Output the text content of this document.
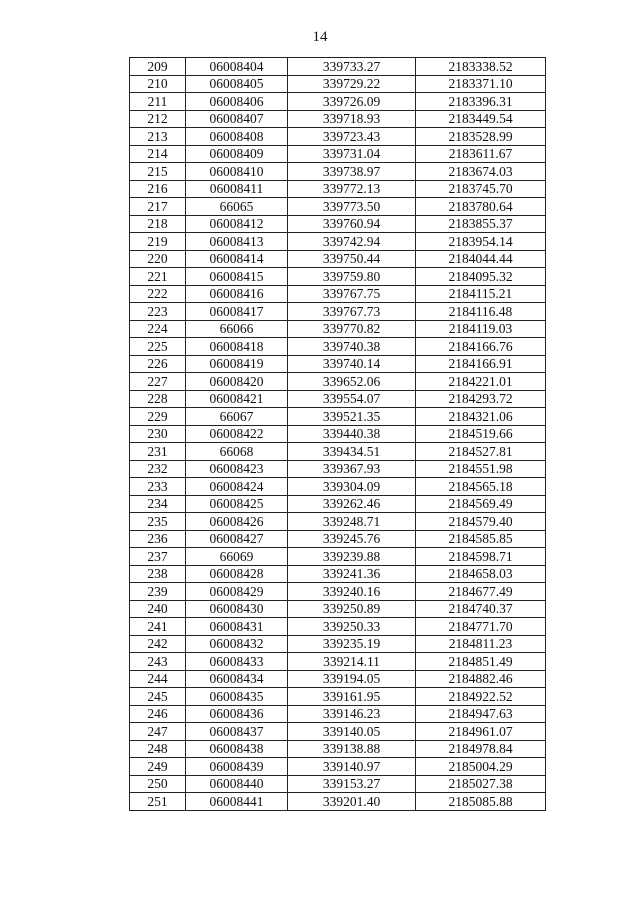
14
209	06008404	339733.27	2183338.52
210	06008405	339729.22	2183371.10
211	06008406	339726.09	2183396.31
212	06008407	339718.93	2183449.54
213	06008408	339723.43	2183528.99
214	06008409	339731.04	2183611.67
215	06008410	339738.97	2183674.03
216	06008411	339772.13	2183745.70
217	66065	339773.50	2183780.64
218	06008412	339760.94	2183855.37
219	06008413	339742.94	2183954.14
220	06008414	339750.44	2184044.44
221	06008415	339759.80	2184095.32
222	06008416	339767.75	2184115.21
223	06008417	339767.73	2184116.48
224	66066	339770.82	2184119.03
225	06008418	339740.38	2184166.76
226	06008419	339740.14	2184166.91
227	06008420	339652.06	2184221.01
228	06008421	339554.07	2184293.72
229	66067	339521.35	2184321.06
230	06008422	339440.38	2184519.66
231	66068	339434.51	2184527.81
232	06008423	339367.93	2184551.98
233	06008424	339304.09	2184565.18
234	06008425	339262.46	2184569.49
235	06008426	339248.71	2184579.40
236	06008427	339245.76	2184585.85
237	66069	339239.88	2184598.71
238	06008428	339241.36	2184658.03
239	06008429	339240.16	2184677.49
240	06008430	339250.89	2184740.37
241	06008431	339250.33	2184771.70
242	06008432	339235.19	2184811.23
243	06008433	339214.11	2184851.49
244	06008434	339194.05	2184882.46
245	06008435	339161.95	2184922.52
246	06008436	339146.23	2184947.63
247	06008437	339140.05	2184961.07
248	06008438	339138.88	2184978.84
249	06008439	339140.97	2185004.29
250	06008440	339153.27	2185027.38
251	06008441	339201.40	2185085.88
